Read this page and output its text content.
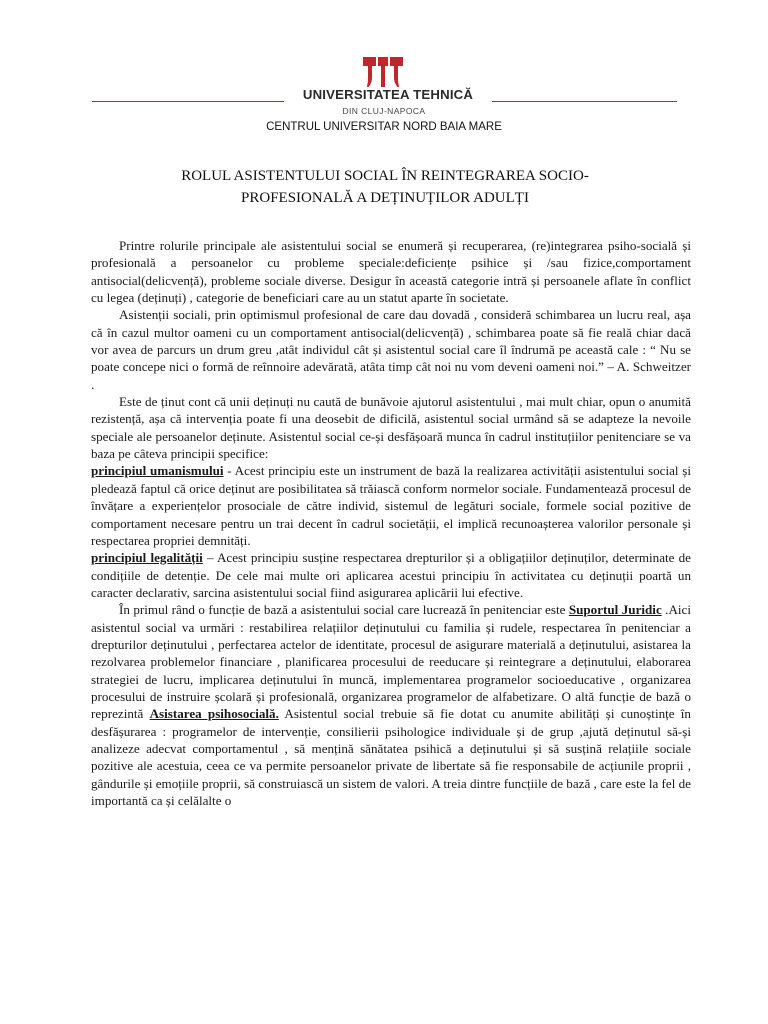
UNIVERSITATEA TEHNICĂ
DIN CLUJ-NAPOCA
CENTRUL UNIVERSITAR NORD BAIA MARE
ROLUL ASISTENTULUI SOCIAL ÎN REINTEGRAREA SOCIO-
PROFESIONALĂ A DEȚINUȚILOR ADULȚI

Printre rolurile principale ale asistentului social se enumeră și recuperarea, (re)integrarea psiho-socială și profesională a persoanelor cu probleme speciale:deficiențe psihice și /sau fizice,comportament antisocial(delicvență), probleme sociale diverse. Desigur în această categorie intră și persoanele aflate în conflict cu legea (deținuți) , categorie de beneficiari care au un statut aparte în societate.

Asistenții sociali, prin optimismul profesional de care dau dovadă , consideră schimbarea un lucru real, așa că în cazul multor oameni cu un comportament antisocial(delicvență) , schimbarea poate să fie reală chiar dacă vor avea de parcurs un drum greu ,atât individul cât și asistentul social care îl îndrumă pe această cale : “ Nu se poate concepe nici o formă de reînnoire adevărată, atâta timp cât noi nu vom deveni oameni noi.” – A. Schweitzer .

Este de ținut cont că unii deținuți nu caută de bunăvoie ajutorul asistentului , mai mult chiar, opun o anumită rezistență, așa că intervenția poate fi una deosebit de dificilă, asistentul social urmând să se adapteze la nevoile speciale ale persoanelor deținute. Asistentul social ce-și desfășoară munca în cadrul instituțiilor penitenciare se va baza pe câteva principii specifice:

principiul umanismului - Acest principiu este un instrument de bază la realizarea activității asistentului social și pledează faptul că orice deținut are posibilitatea să trăiască conform normelor sociale. Fundamentează procesul de învățare a experiențelor prosociale de către individ, sistemul de legături sociale, formele social pozitive de comportament necesare pentru un trai decent în cadrul societății, el implică recunoașterea valorilor personale și respectarea propriei demnități.

principiul legalității – Acest principiu susține respectarea drepturilor și a obligațiilor deținuților, determinate de condițiile de detenție. De cele mai multe ori aplicarea acestui principiu în activitatea cu deținuții poartă un caracter declarativ, sarcina asistentului social fiind asigurarea aplicării lui efective.

În primul rând o funcție de bază a asistentului social care lucrează în penitenciar este Suportul Juridic .Aici asistentul social va urmări : restabilirea relațiilor deținutului cu familia și rudele, respectarea în penitenciar a drepturilor deținutului , perfectarea actelor de identitate, procesul de asigurare materială a deținutului, asistarea la rezolvarea problemelor financiare , planificarea procesului de reeducare și reintegrare a deținutului, elaborarea strategiei de lucru, implicarea deținutului în muncă, implementarea programelor socioeducative , organizarea procesului de instruire școlară și profesională, organizarea programelor de alfabetizare. O altă funcție de bază o reprezintă Asistarea psihosocială. Asistentul social trebuie să fie dotat cu anumite abilități și cunoștințe în desfășurarea : programelor de intervenție, consilierii psihologice individuale și de grup ,ajută deținutul să-și analizeze adecvat comportamentul , să mențină sănătatea psihică a deținutului și să susțină relațiile sociale pozitive ale acestuia, ceea ce va permite persoanelor private de libertate să fie responsabile de acțiunile proprii , gândurile și emoțiile proprii, să construiască un sistem de valori. A treia dintre funcțiile de bază , care este la fel de importantă ca și celălalte o
